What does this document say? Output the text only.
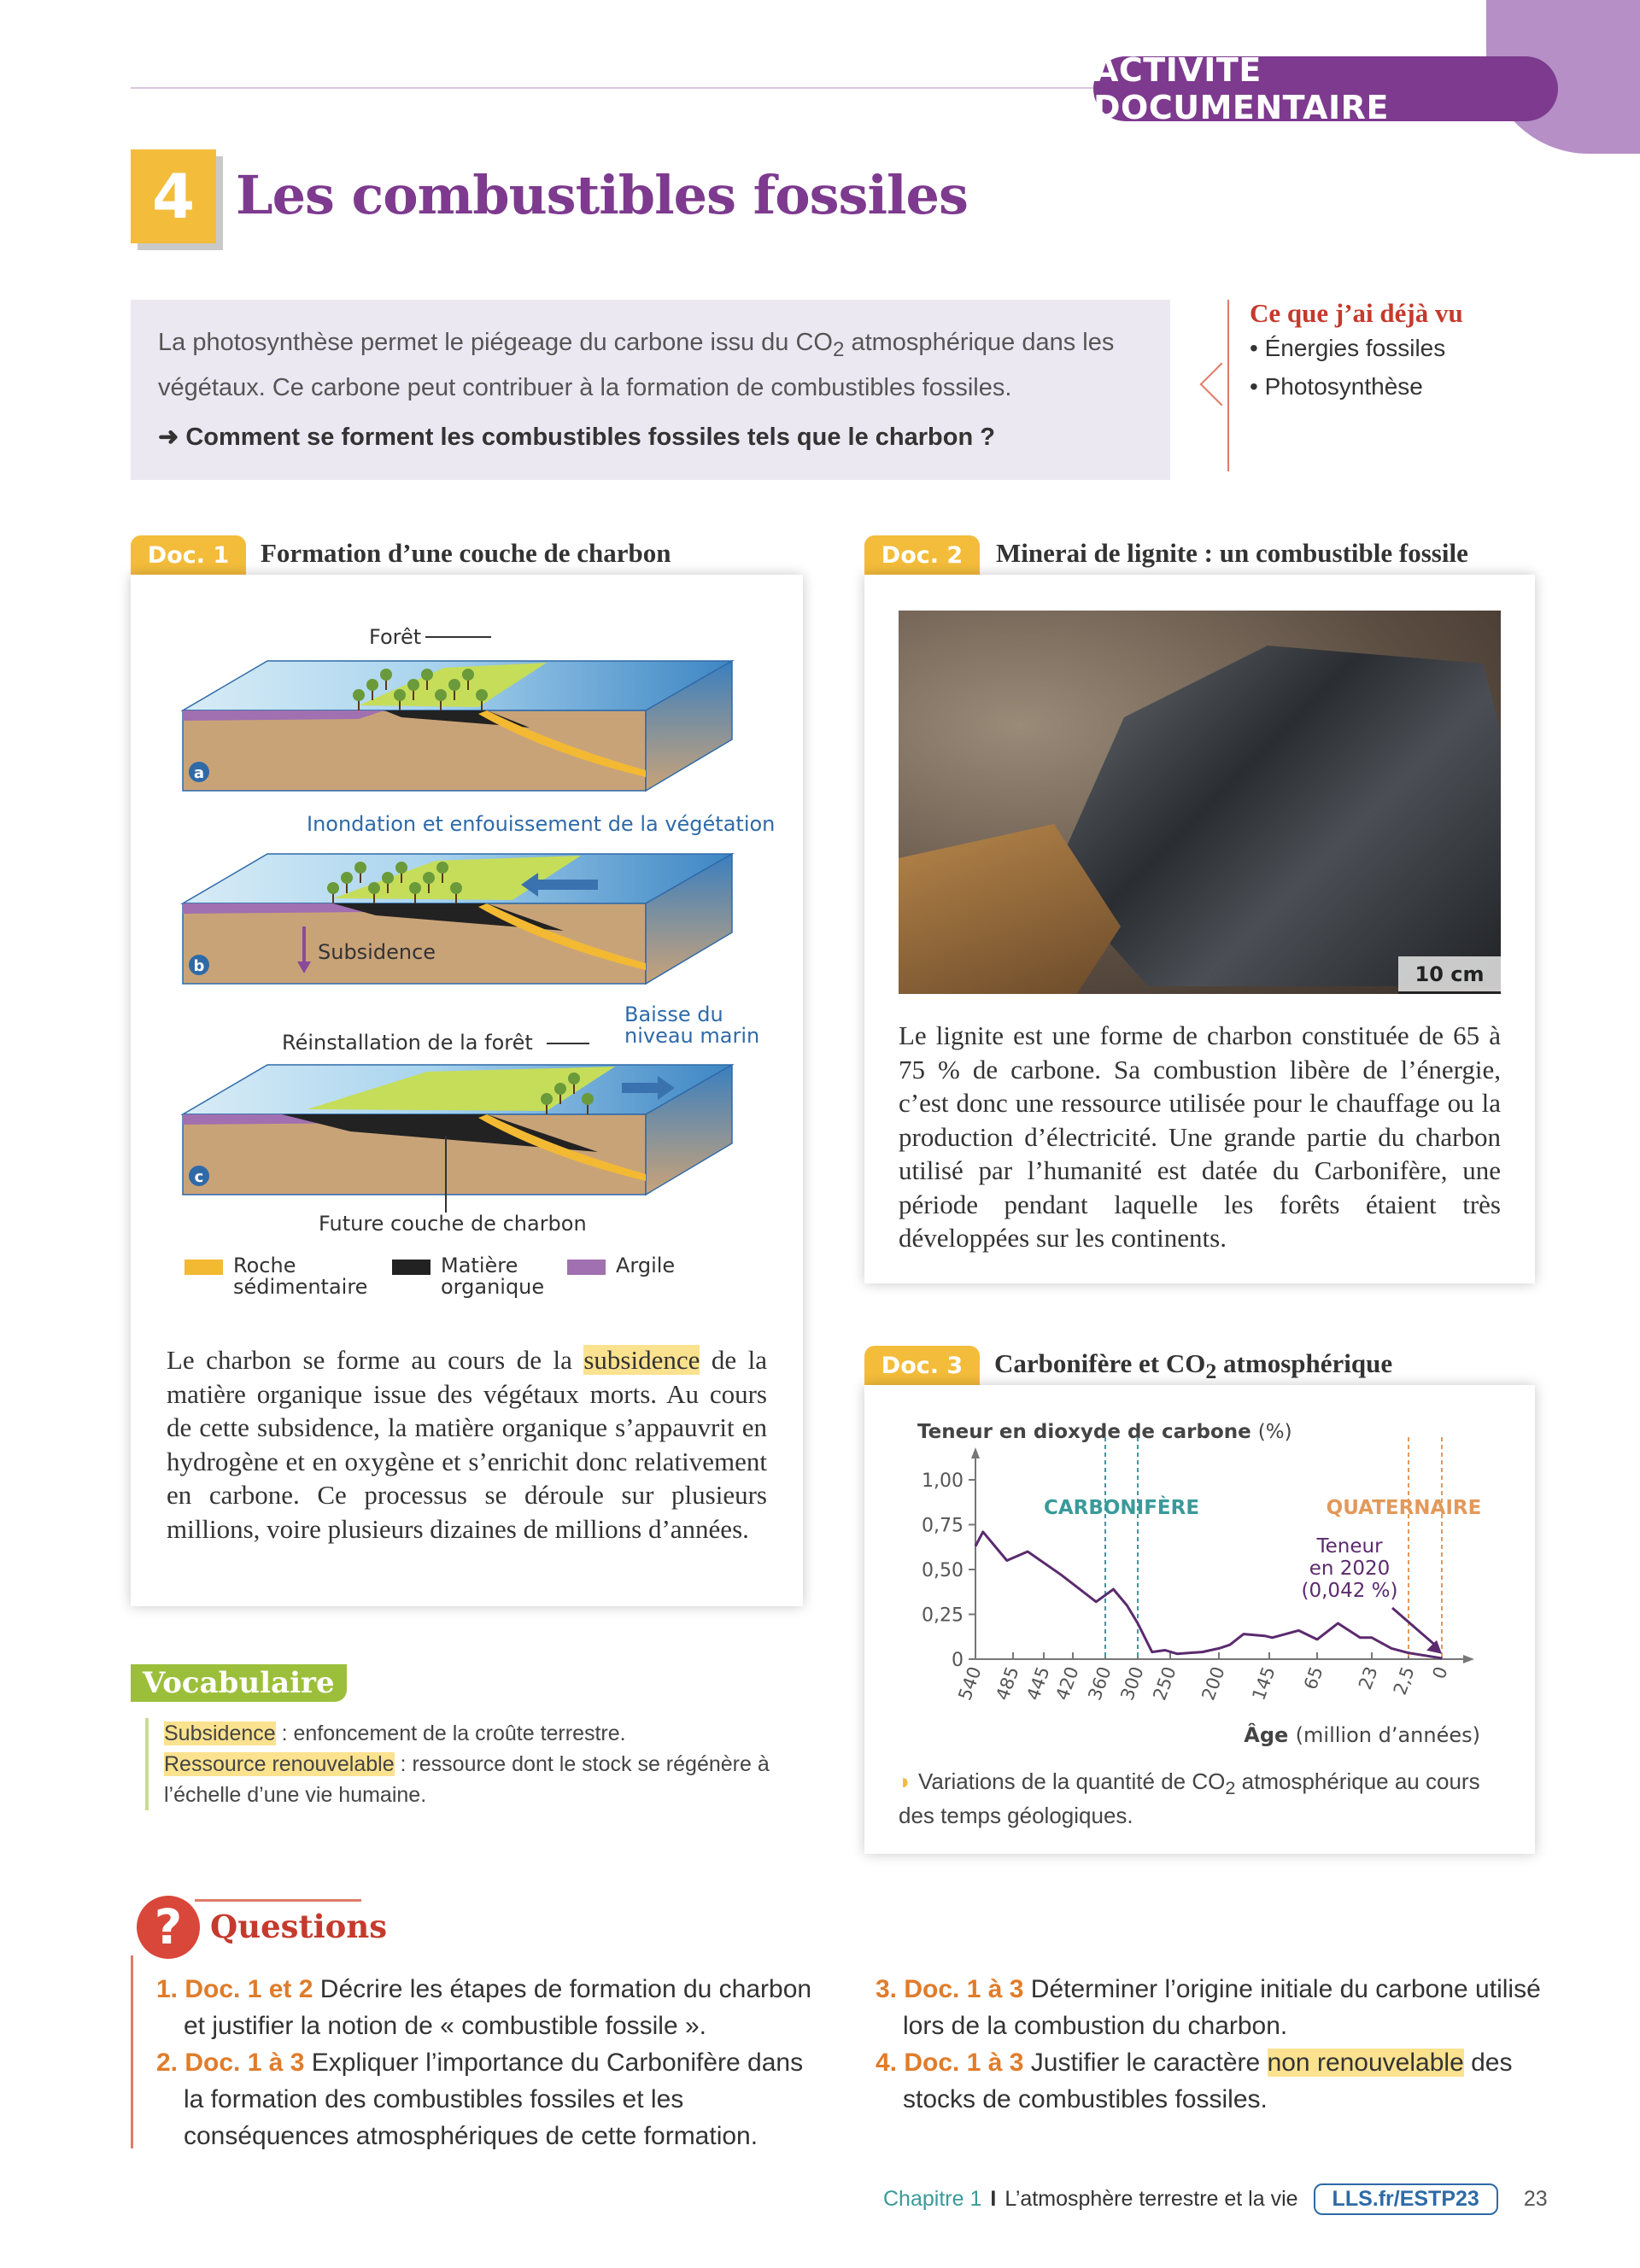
ACTIVITÉ DOCUMENTAIRE
4 Les combustibles fossiles
La photosynthèse permet le piégeage du carbone issu du $CO_2$ atmosphérique dans les végétaux. Ce carbone peut contribuer à la formation de combustibles fossiles.
➜ Comment se forment les combustibles fossiles tels que le charbon ?
Ce que j’ai déjà vu
• Énergies fossiles
• Photosynthèse
Doc. 1	Formation d’une couche de charbon
a
b
c
Forêt
Inondation et enfouissement de la végétation
Subsidence
Réinstallation de la forêt
Baisse du
niveau marin
Future couche de charbon
Roche
sédimentaire
Matière
organique
Argile
Le charbon se forme au cours de la subsidence de la matière organique issue des végétaux morts. Au cours de cette subsidence, la matière organique s’appauvrit en hydrogène et en oxygène et s’enrichit donc relativement en carbone. Ce processus se déroule sur plusieurs millions, voire plusieurs dizaines de millions d’années.
Doc. 2	Minerai de lignite : un combustible fossile
10 cm
Le lignite est une forme de charbon constituée de 65 à 75 % de carbone. Sa combustion libère de l’énergie, c’est donc une ressource utilisée pour le chauffage ou la production d’électricité. Une grande partie du charbon utilisé par l’humanité est datée du Carbonifère, une période pendant laquelle les forêts étaient très développées sur les continents.
Doc. 3	Carbonifère et $CO_2$ atmosphérique
Teneur en dioxyde de carbone (%)
1,00
0,75
0,50
0,25
0
540 485 445
420 360 300 250 200 145 65 23 2,5 0
CARBONIFÈRE	QUATERNAIRE
Teneur
en 2020
(0,042 %)
Âge (million d’années)
◗ Variations de la quantité de $CO_2$ atmosphérique au cours des temps géologiques.
Vocabulaire
Subsidence : enfoncement de la croûte terrestre.
Ressource renouvelable : ressource dont le stock se régénère à l’échelle d’une vie humaine.
? Questions

1. Doc. 1 et 2 Décrire les étapes de formation du charbon et justifier la notion de « combustible fossile ».

2. Doc. 1 à 3 Expliquer l’importance du Carbonifère dans la formation des combustibles fossiles et les conséquences atmosphériques de cette formation.

3. Doc. 1 à 3 Déterminer l’origine initiale du carbone utilisé lors de la combustion du charbon.

4. Doc. 1 à 3 Justifier le caractère non renouvelable des stocks de combustibles fossiles.

Chapitre 1 I L’atmosphère terrestre et la vie	LLS.fr/ESTP23	23
